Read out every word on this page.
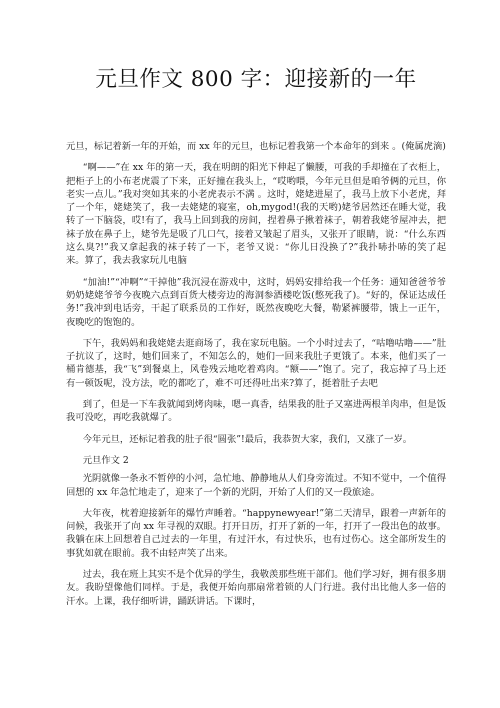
元旦作文 800 字：迎接新的一年

元旦，标记着新一年的开始，而 xx 年的元旦，也标记着我第一个本命年的到来 。(俺属虎滴)

“啊——”在 xx 年的第一天，我在明朗的阳光下伸起了懒腰，可我的手却撞在了衣柜上，把柜子上的小布老虎震了下来，正好撞在我头上，“哎哟喂，今年元旦但是咱爷俩的元旦，你老实一点儿。”我对突如其来的小老虎表示不满 。这时，姥姥进屋了，我马上放下小老虎，拜了一个年，姥姥笑了，我一去姥姥的寝室，oh,mygod!(我的天哟)姥爷居然还在睡大觉，我转了一下脑袋，哎!有了，我马上回到我的房间，捏着鼻子揪着袜子，朝着我姥爷屋冲去，把袜子放在鼻子上，姥爷先是吸了几口气，接着又皱起了眉头，又张开了眼睛，说：“什么东西这么臭?!”我又拿起我的袜子转了一下，老爷又说：“你儿日没换了?”我扑哧扑哧的笑了起来。算了，我去我家玩儿电脑

“加油!”“冲啊”“干掉他”我沉浸在游戏中，这时，妈妈安排给我一个任务：通知爸爸爷爷奶奶姥姥爷爷今夜晚六点到百货大楼旁边的海洞参酒楼吃饭(憋死我了)。“好的，保证达成任务!”我冲到电话旁，干起了联系员的工作好，既然夜晚吃大餐，勒紧裤腰带，饿上一正午，夜晚吃的饱饱的。

下午，我妈妈和我姥姥去逛商场了，我在家玩电脑。一个小时过去了，“咕噜咕噜——”肚子抗议了，这时，她们回来了，不知怎么的，她们一回来我肚子更饿了。本来，他们买了一桶肯德基，我“飞”到餐桌上，风卷残云地吃着鸡肉。“额——”饱了。完了，我忘掉了马上还有一顿饭呢，没方法，吃的都吃了，难不可还得吐出来?算了，挺着肚子去吧

到了，但是一下车我就闻到烤肉味，嗯一真香，结果我的肚子又塞进两根羊肉串，但是饭我可没吃，再吃我就爆了。

今年元旦，还标记着我的肚子很“圆张”!最后，我恭贺大家，我们，又涨了一岁。

元旦作文 2

光阴就像一条永不暂停的小河，急忙地、静静地从人们身旁流过。不知不觉中，一个值得回想的 xx 年急忙地走了，迎来了一个新的光阴，开始了人们的又一段旅途。

大年夜，枕着迎接新年的爆竹声睡着。“happynewyear!”第二天清早，跟着一声新年的问候，我张开了向 xx 年寻视的双眼。打开日历，打开了新的一年，打开了一段出色的故事。我躺在床上回想着自己过去的一年里，有过汗水，有过快乐，也有过伤心。这全部所发生的事犹如就在眼前。我不由轻声笑了出来。

过去，我在班上其实不是个优异的学生，我敬羡那些班干部们。他们学习好，拥有很多朋友。我盼望像他们同样。于是，我便开始向那扇常着锁的人门行进。我付出比他人多一倍的汗水。上课，我仔细听讲，踊跃讲话。下课时，
